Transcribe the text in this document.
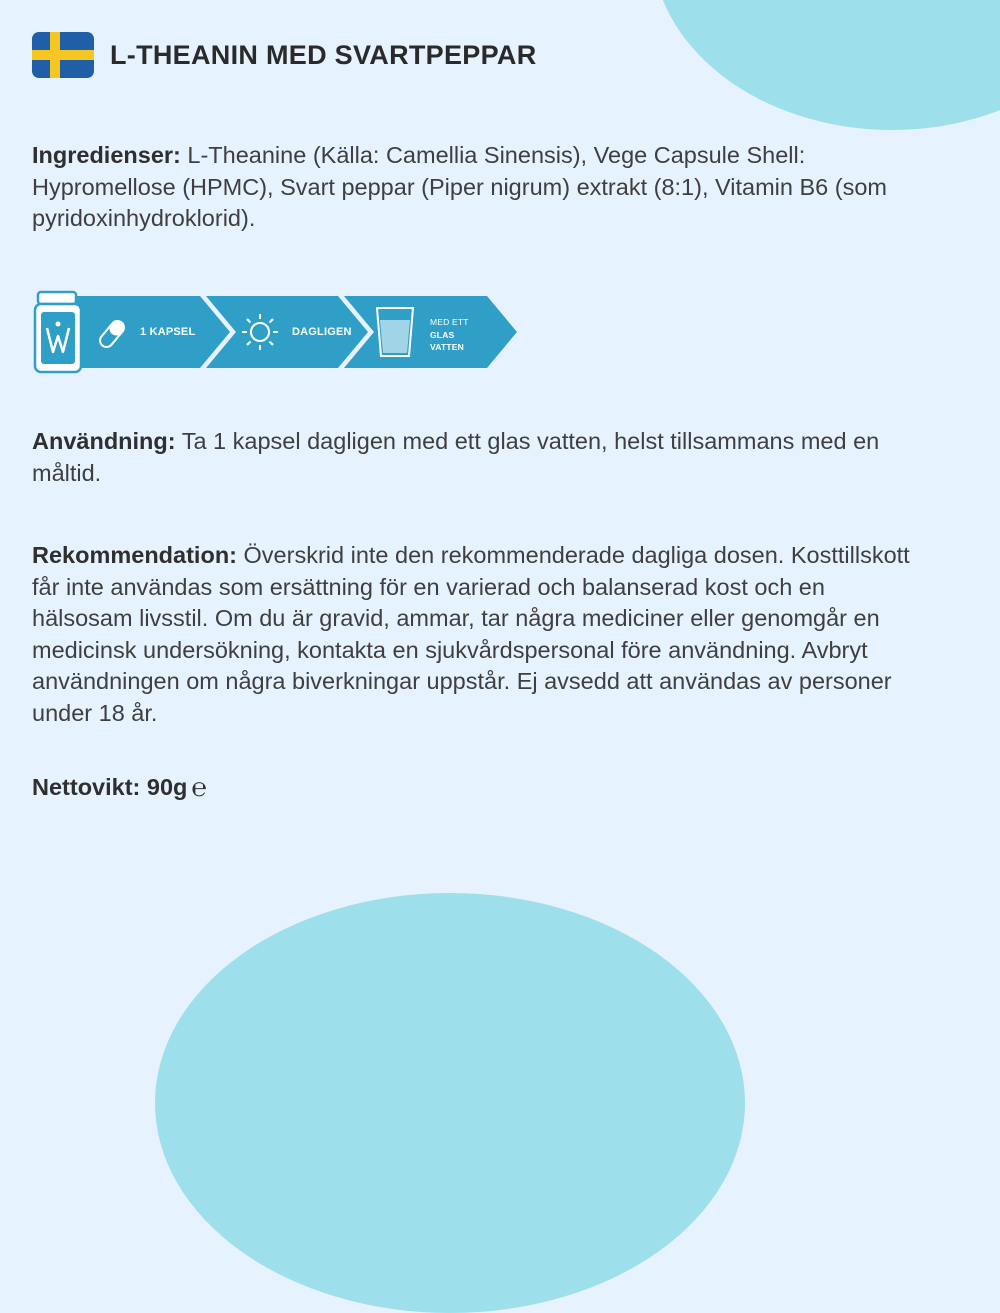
L-THEANIN MED SVARTPEPPAR
Ingredienser: L-Theanine (Källa: Camellia Sinensis), Vege Capsule Shell: Hypromellose (HPMC), Svart peppar (Piper nigrum) extrakt (8:1), Vitamin B6 (som pyridoxinhydroklorid).
1 KAPSEL	DAGLIGEN
MED ETT
GLAS
VATTEN
Användning: Ta 1 kapsel dagligen med ett glas vatten, helst tillsammans med en måltid.
Rekommendation: Överskrid inte den rekommenderade dagliga dosen. Kosttillskott får inte användas som ersättning för en varierad och balanserad kost och en hälsosam livsstil. Om du är gravid, ammar, tar några mediciner eller genomgår en medicinsk undersökning, kontakta en sjukvårdspersonal före användning. Avbryt användningen om några biverkningar uppstår. Ej avsedd att användas av personer under 18 år.
Nettovikt: 90g ℮
